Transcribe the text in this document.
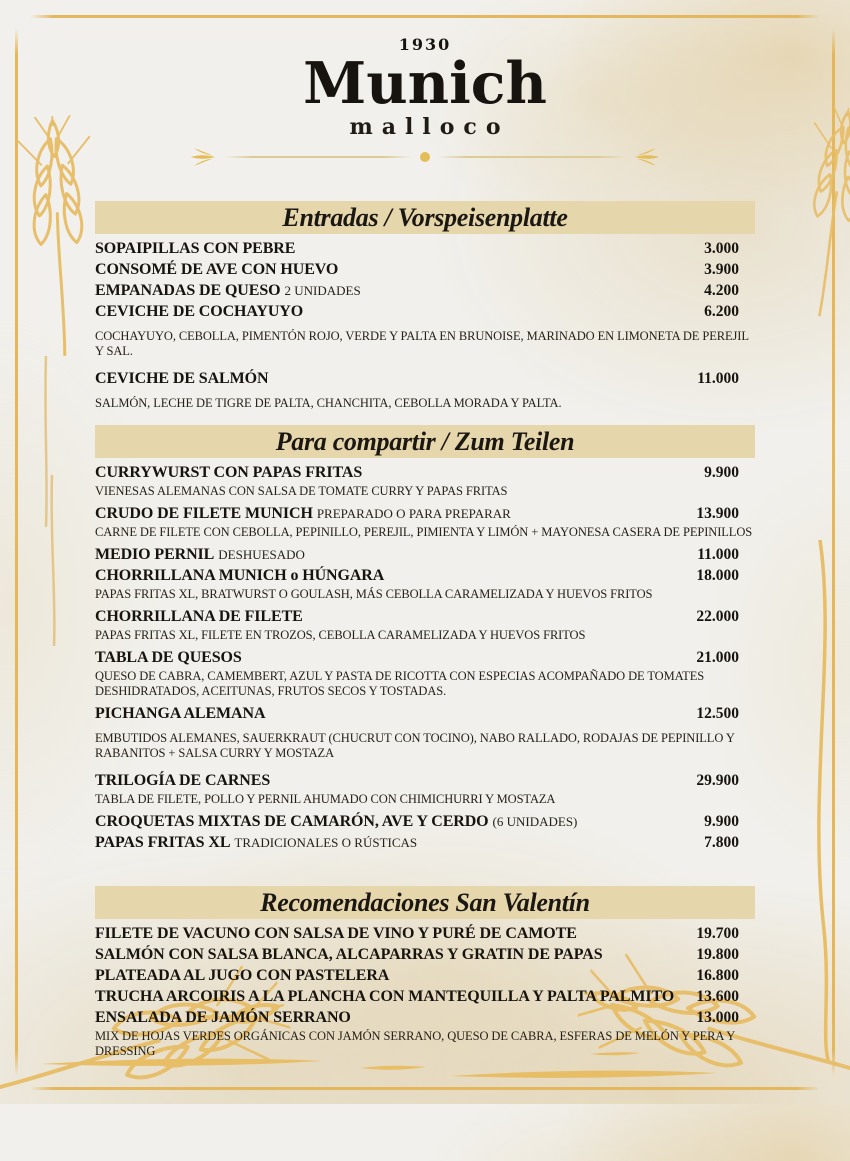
1930
Munich
malloco
Entradas / Vorspeisenplatte
SOPAIPILLAS CON PEBRE	3.000
CONSOMÉ DE AVE CON HUEVO	3.900
EMPANADAS DE QUESO 2 UNIDADES	4.200
CEVICHE DE COCHAYUYO	6.200
COCHAYUYO, CEBOLLA, PIMENTÓN ROJO, VERDE Y PALTA EN BRUNOISE, MARINADO EN LIMONETA DE PEREJIL Y SAL.
CEVICHE DE SALMÓN	11.000
SALMÓN, LECHE DE TIGRE DE PALTA, CHANCHITA, CEBOLLA MORADA Y PALTA.
Para compartir / Zum Teilen
CURRYWURST CON PAPAS FRITAS	9.900
VIENESAS ALEMANAS CON SALSA DE TOMATE CURRY Y PAPAS FRITAS
CRUDO DE FILETE MUNICH PREPARADO O PARA PREPARAR	13.900
CARNE DE FILETE CON CEBOLLA, PEPINILLO, PEREJIL, PIMIENTA Y LIMÓN + MAYONESA CASERA DE PEPINILLOS
MEDIO PERNIL DESHUESADO	11.000
CHORRILLANA MUNICH o HÚNGARA	18.000
PAPAS FRITAS XL, BRATWURST O GOULASH, MÁS CEBOLLA CARAMELIZADA Y HUEVOS FRITOS
CHORRILLANA DE FILETE	22.000
PAPAS FRITAS XL, FILETE EN TROZOS, CEBOLLA CARAMELIZADA Y HUEVOS FRITOS
TABLA DE QUESOS	21.000
QUESO DE CABRA, CAMEMBERT, AZUL Y PASTA DE RICOTTA CON ESPECIAS ACOMPAÑADO DE TOMATES DESHIDRATADOS, ACEITUNAS, FRUTOS SECOS Y TOSTADAS.
PICHANGA ALEMANA	12.500
EMBUTIDOS ALEMANES, SAUERKRAUT (CHUCRUT CON TOCINO), NABO RALLADO, RODAJAS DE PEPINILLO Y RABANITOS + SALSA CURRY Y MOSTAZA
TRILOGÍA DE CARNES	29.900
TABLA DE FILETE, POLLO Y PERNIL AHUMADO CON CHIMICHURRI Y MOSTAZA
CROQUETAS MIXTAS DE CAMARÓN, AVE Y CERDO (6 UNIDADES)	9.900
PAPAS FRITAS XL TRADICIONALES O RÚSTICAS	7.800
Recomendaciones San Valentín
FILETE DE VACUNO CON SALSA DE VINO Y PURÉ DE CAMOTE	19.700
SALMÓN CON SALSA BLANCA, ALCAPARRAS Y GRATIN DE PAPAS	19.800
PLATEADA AL JUGO CON PASTELERA	16.800
TRUCHA ARCOIRIS A LA PLANCHA CON MANTEQUILLA Y PALTA PALMITO 13.600
ENSALADA DE JAMÓN SERRANO	13.000
MIX DE HOJAS VERDES ORGÁNICAS CON JAMÓN SERRANO, QUESO DE CABRA, ESFERAS DE MELÓN Y PERA Y DRESSING
